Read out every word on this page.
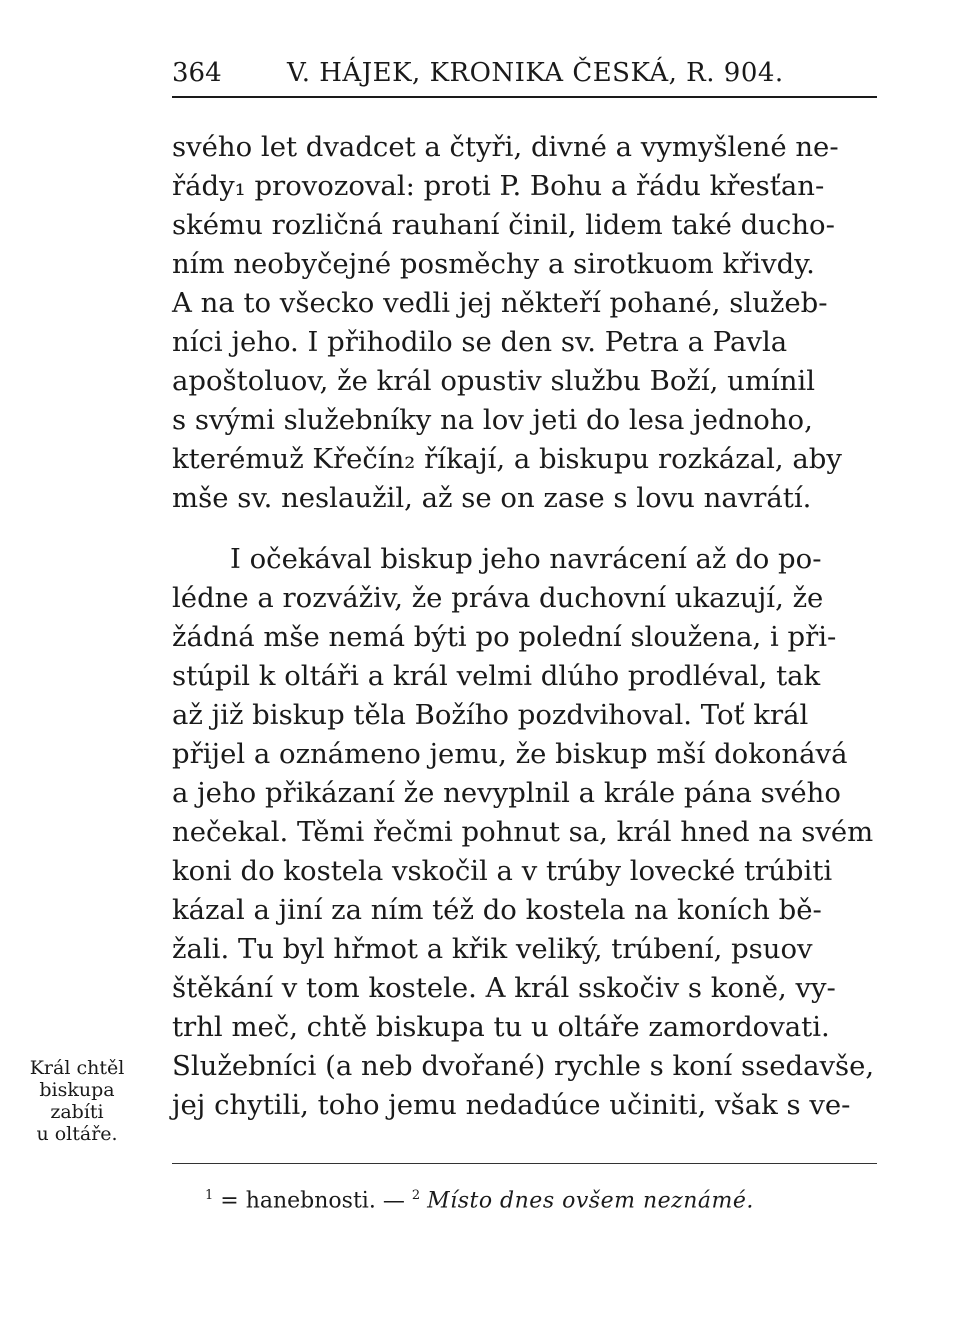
364	V. HÁJEK, KRONIKA ČESKÁ, R. 904.
svého let dvadcet a čtyři, divné a vymyšlené ne-
řády₁ provozoval: proti P. Bohu a řádu křesťan-
skému rozličná rauhaní činil, lidem také ducho-
ním neobyčejné posměchy a sirotkuom křivdy.
A na to všecko vedli jej někteří pohané, služeb-
níci jeho. I přihodilo se den sv. Petra a Pavla
apoštoluov, že král opustiv službu Boží, umínil
s svými služebníky na lov jeti do lesa jednoho,
kterémuž Křečín₂ říkají, a biskupu rozkázal, aby
mše sv. neslaužil, až se on zase s lovu navrátí.
I očekával biskup jeho navrácení až do po-
lédne a rozváživ, že práva duchovní ukazují, že
žádná mše nemá býti po polední sloužena, i při-
stúpil k oltáři a král velmi dlúho prodléval, tak
až již biskup těla Božího pozdvihoval. Toť král
přijel a oznámeno jemu, že biskup mší dokonává
a jeho přikázaní že nevyplnil a krále pána svého
nečekal. Těmi řečmi pohnut sa, král hned na svém
koni do kostela vskočil a v trúby lovecké trúbiti
kázal a jiní za ním též do kostela na koních bě-
žali. Tu byl hřmot a křik veliký, trúbení, psuov
štěkání v tom kostele. A král sskočiv s koně, vy-
trhl meč, chtě biskupa tu u oltáře zamordovati.
Služebníci (a neb dvořané) rychle s koní ssedavše,
jej chytili, toho jemu nedadúce učiniti, však s ve-
Král chtěl
biskupa
zabíti
u oltáře.
$^1$ = hanebnosti. — $^2$ Místo dnes ovšem neznámé.
